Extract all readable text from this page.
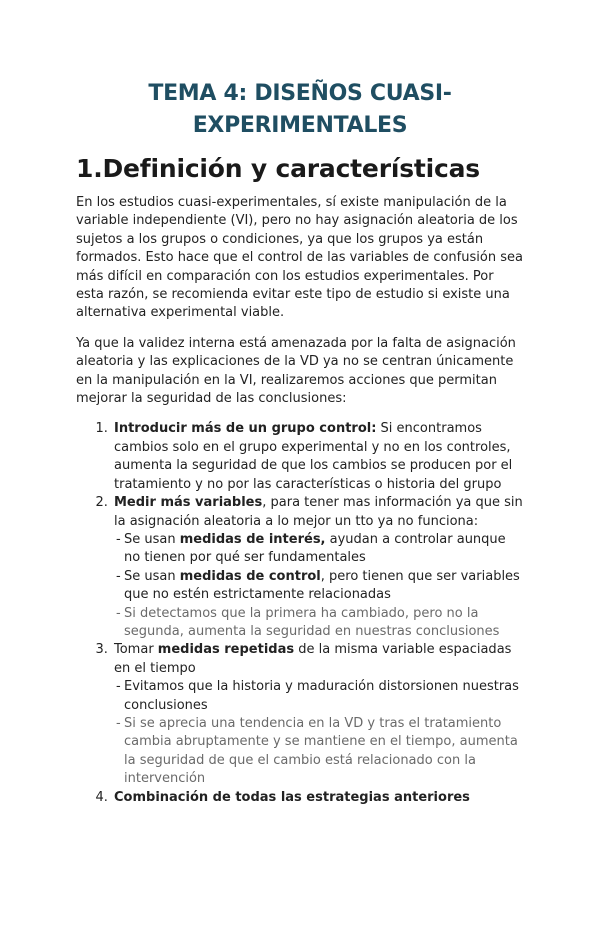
TEMA 4: DISEÑOS CUASI-
EXPERIMENTALES
1.Definición y características

En los estudios cuasi-experimentales, sí existe manipulación de la variable independiente (VI), pero no hay asignación aleatoria de los sujetos a los grupos o condiciones, ya que los grupos ya están formados. Esto hace que el control de las variables de confusión sea más difícil en comparación con los estudios experimentales. Por esta razón, se recomienda evitar este tipo de estudio si existe una alternativa experimental viable.

Ya que la validez interna está amenazada por la falta de asignación aleatoria y las explicaciones de la VD ya no se centran únicamente en la manipulación en la VI, realizaremos acciones que permitan mejorar la seguridad de las conclusiones:

1. Introducir más de un grupo control: Si encontramos cambios solo en el grupo experimental y no en los controles, aumenta la seguridad de que los cambios se producen por el tratamiento y no por las características o historia del grupo
2. Medir más variables, para tener mas información ya que sin la asignación aleatoria a lo mejor un tto ya no funciona:
- Se usan medidas de interés, ayudan a controlar aunque no tienen por qué ser fundamentales
- Se usan medidas de control, pero tienen que ser variables que no estén estrictamente relacionadas
- Si detectamos que la primera ha cambiado, pero no la segunda, aumenta la seguridad en nuestras conclusiones
3. Tomar medidas repetidas de la misma variable espaciadas en el tiempo
- Evitamos que la historia y maduración distorsionen nuestras conclusiones
- Si se aprecia una tendencia en la VD y tras el tratamiento cambia abruptamente y se mantiene en el tiempo, aumenta la seguridad de que el cambio está relacionado con la intervención
4. Combinación de todas las estrategias anteriores
